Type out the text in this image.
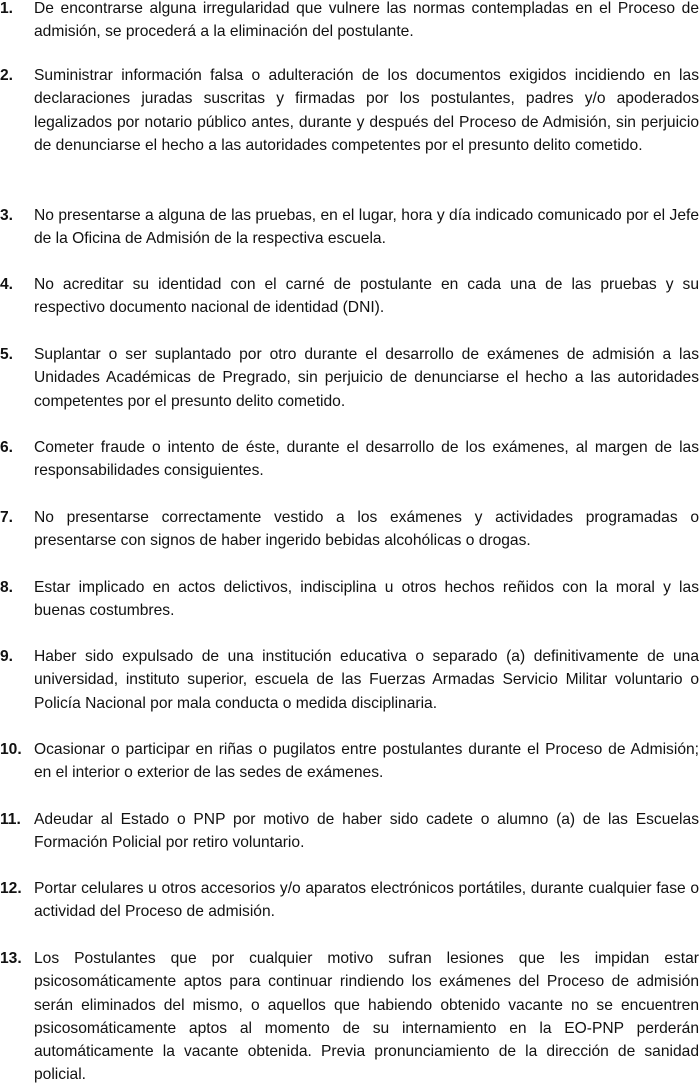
1.	De encontrarse alguna irregularidad que vulnere las normas contempladas en el Proceso de admisión, se procederá a la eliminación del postulante.
2.	Suministrar información falsa o adulteración de los documentos exigidos incidiendo en las declaraciones juradas suscritas y firmadas por los postulantes, padres y/o apoderados legalizados por notario público antes, durante y después del Proceso de Admisión, sin perjuicio de denunciarse el hecho a las autoridades competentes por el presunto delito cometido.
3.	No presentarse a alguna de las pruebas, en el lugar, hora y día indicado comunicado por el Jefe de la Oficina de Admisión de la respectiva escuela.
4.	No acreditar su identidad con el carné de postulante en cada una de las pruebas y su respectivo documento nacional de identidad (DNI).
5.	Suplantar o ser suplantado por otro durante el desarrollo de exámenes de admisión a las Unidades Académicas de Pregrado, sin perjuicio de denunciarse el hecho a las autoridades competentes por el presunto delito cometido.
6.	Cometer fraude o intento de éste, durante el desarrollo de los exámenes, al margen de las responsabilidades consiguientes.
7.	No presentarse correctamente vestido a los exámenes y actividades programadas o presentarse con signos de haber ingerido bebidas alcohólicas o drogas.
8.	Estar implicado en actos delictivos, indisciplina u otros hechos reñidos con la moral y las buenas costumbres.
9.	Haber sido expulsado de una institución educativa o separado (a) definitivamente de una universidad, instituto superior, escuela de las Fuerzas Armadas Servicio Militar voluntario o Policía Nacional por mala conducta o medida disciplinaria.
10. Ocasionar o participar en riñas o pugilatos entre postulantes durante el Proceso de Admisión; en el interior o exterior de las sedes de exámenes.
11. Adeudar al Estado o PNP por motivo de haber sido cadete o alumno (a) de las Escuelas Formación Policial por retiro voluntario.
12. Portar celulares u otros accesorios y/o aparatos electrónicos portátiles, durante cualquier fase o actividad del Proceso de admisión.
13. Los Postulantes que por cualquier motivo sufran lesiones que les impidan estar psicosomáticamente aptos para continuar rindiendo los exámenes del Proceso de admisión serán eliminados del mismo, o aquellos que habiendo obtenido vacante no se encuentren psicosomáticamente aptos al momento de su internamiento en la EO-PNP perderán automáticamente la vacante obtenida. Previa pronunciamiento de la dirección de sanidad policial.
